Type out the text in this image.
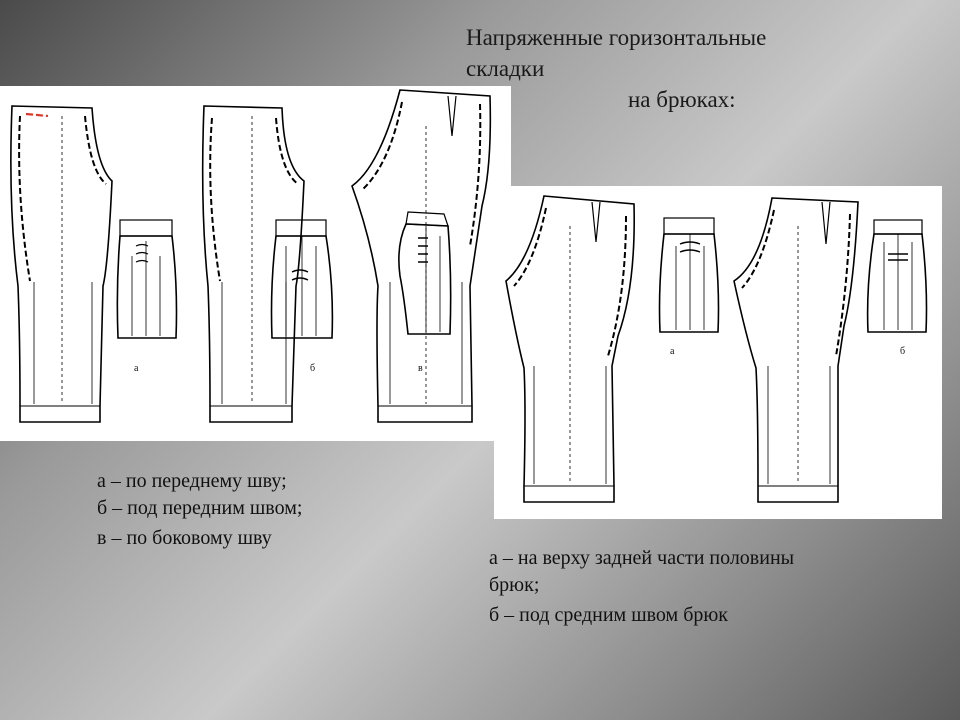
Напряженные горизонтальные
складки
на брюках:
а	б	в
а	б
а – по переднему шву;
б – под передним швом;
в – по боковому шву
а – на верху задней части половины
брюк;
б – под средним швом брюк
